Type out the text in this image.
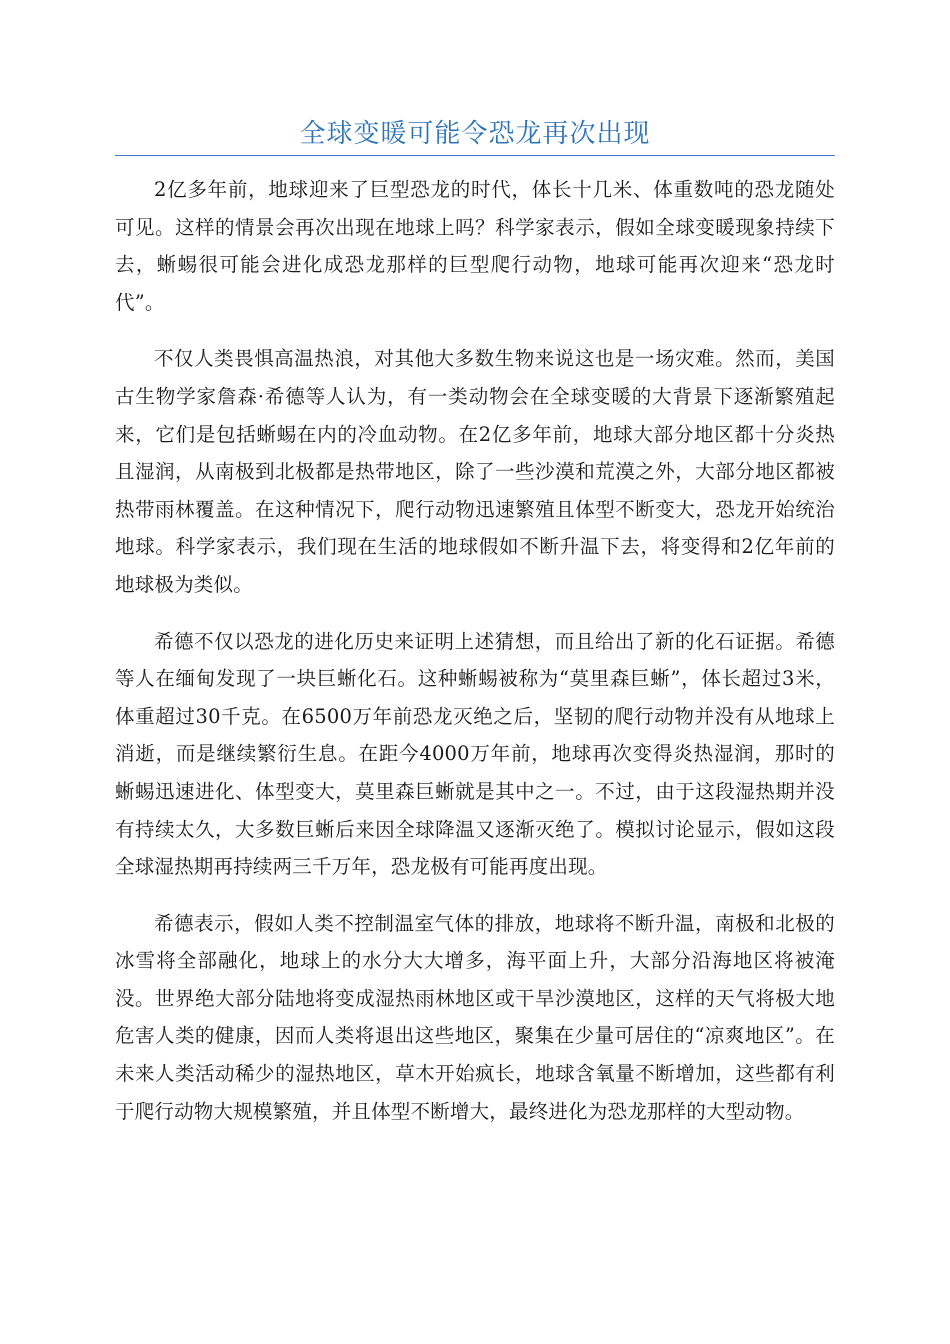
全球变暖可能令恐龙再次出现

2亿多年前，地球迎来了巨型恐龙的时代，体长十几米、体重数吨的恐龙随处可见。这样的情景会再次出现在地球上吗？科学家表示，假如全球变暖现象持续下去，蜥蜴很可能会进化成恐龙那样的巨型爬行动物，地球可能再次迎来“恐龙时代”。

不仅人类畏惧高温热浪，对其他大多数生物来说这也是一场灾难。然而，美国古生物学家詹森·希德等人认为，有一类动物会在全球变暖的大背景下逐渐繁殖起来，它们是包括蜥蜴在内的冷血动物。在2亿多年前，地球大部分地区都十分炎热且湿润，从南极到北极都是热带地区，除了一些沙漠和荒漠之外，大部分地区都被热带雨林覆盖。在这种情况下，爬行动物迅速繁殖且体型不断变大，恐龙开始统治地球。科学家表示，我们现在生活的地球假如不断升温下去，将变得和2亿年前的地球极为类似。

希德不仅以恐龙的进化历史来证明上述猜想，而且给出了新的化石证据。希德等人在缅甸发现了一块巨蜥化石。这种蜥蜴被称为“莫里森巨蜥”，体长超过3米，体重超过30千克。在6500万年前恐龙灭绝之后，坚韧的爬行动物并没有从地球上消逝，而是继续繁衍生息。在距今4000万年前，地球再次变得炎热湿润，那时的蜥蜴迅速进化、体型变大，莫里森巨蜥就是其中之一。不过，由于这段湿热期并没有持续太久，大多数巨蜥后来因全球降温又逐渐灭绝了。模拟讨论显示，假如这段全球湿热期再持续两三千万年，恐龙极有可能再度出现。

希德表示，假如人类不控制温室气体的排放，地球将不断升温，南极和北极的冰雪将全部融化，地球上的水分大大增多，海平面上升，大部分沿海地区将被淹没。世界绝大部分陆地将变成湿热雨林地区或干旱沙漠地区，这样的天气将极大地危害人类的健康，因而人类将退出这些地区，聚集在少量可居住的“凉爽地区”。在未来人类活动稀少的湿热地区，草木开始疯长，地球含氧量不断增加，这些都有利于爬行动物大规模繁殖，并且体型不断增大，最终进化为恐龙那样的大型动物。
